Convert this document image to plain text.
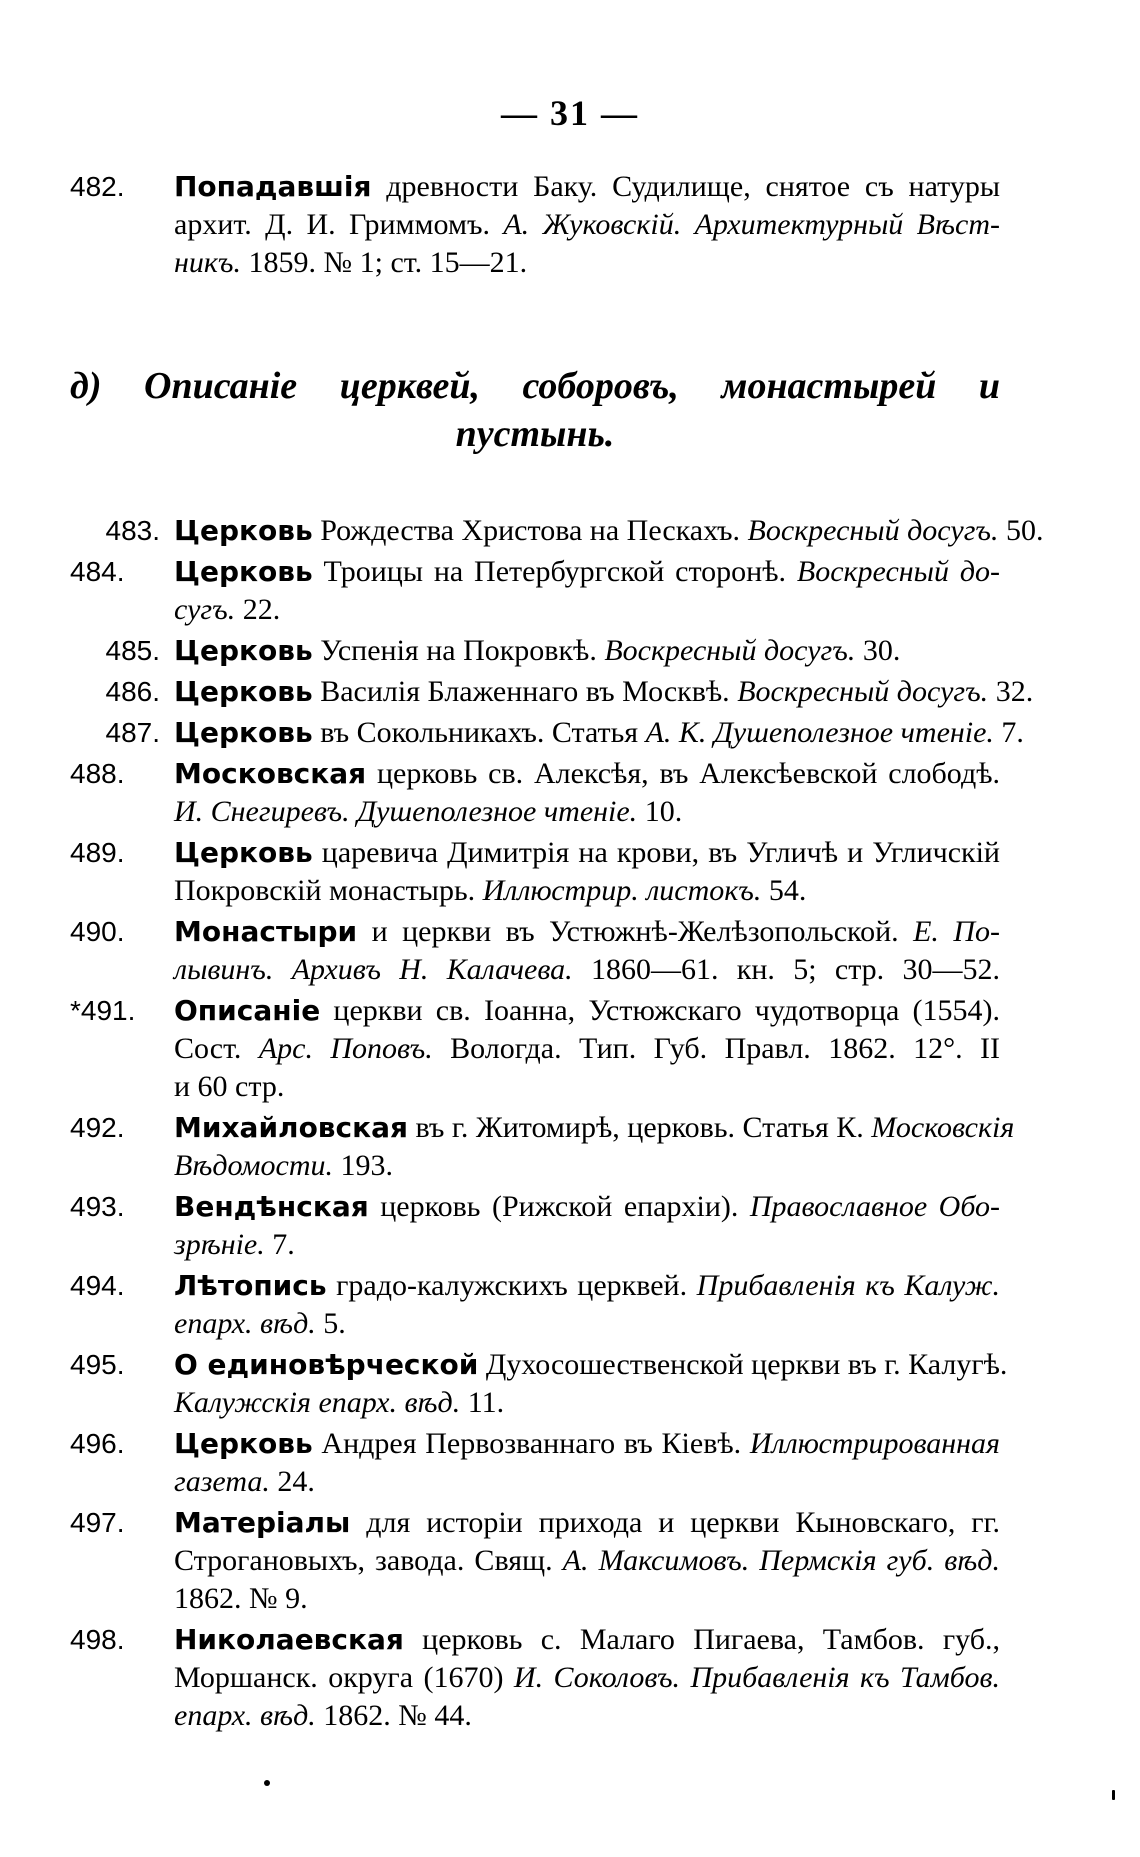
— 31 —
482. Попадавшія древности Баку. Судилище, снятое съ натуры
архит. Д. И. Гриммомъ. А. Жуковскій. Архитектурный Вѣст-
никъ. 1859. № 1; ст. 15—21.
д) Описаніе церквей, соборовъ, монастырей и
пустынь.
483. Церковь Рождества Христова на Пескахъ. Воскресный досугъ. 50.
484. Церковь Троицы на Петербургской сторонѣ. Воскресный до-
сугъ. 22.
485. Церковь Успенія на Покровкѣ. Воскресный досугъ. 30.
486. Церковь Василія Блаженнаго въ Москвѣ. Воскресный досугъ. 32.
487. Церковь въ Сокольникахъ. Статья А. К. Душеполезное чтеніе. 7.
488. Московская церковь св. Алексѣя, въ Алексѣевской слободѣ.
И. Снегиревъ. Душеполезное чтеніе. 10.
489. Церковь царевича Димитрія на крови, въ Угличѣ и Угличскій
Покровскій монастырь. Иллюстрир. листокъ. 54.
490. Монастыри и церкви въ Устюжнѣ-Желѣзопольской. Е. По-
лывинъ. Архивъ Н. Калачева. 1860—61. кн. 5; стр. 30—52.
*491. Описаніе церкви св. Іоанна, Устюжскаго чудотворца (1554).
Сост. Арс. Поповъ. Вологда. Тип. Губ. Правл. 1862. 12°. II
и 60 стр.
492. Михайловская въ г. Житомирѣ, церковь. Статья К. Московскія
Вѣдомости. 193.
493. Вендѣнская церковь (Рижской епархіи). Православное Обо-
зрѣніе. 7.
494. Лѣтопись градо-калужскихъ церквей. Прибавленія къ Калуж.
епарх. вѣд. 5.
495. О единовѣрческой Духосошественской церкви въ г. Калугѣ.
Калужскія епарх. вѣд. 11.
496. Церковь Андрея Первозваннаго въ Кіевѣ. Иллюстрированная
газета. 24.
497. Матеріалы для исторіи прихода и церкви Кыновскаго, гг.
Строгановыхъ, завода. Свящ. А. Максимовъ. Пермскія губ. вѣд.
1862. № 9.
498. Николаевская церковь с. Малаго Пигаева, Тамбов. губ.,
Моршанск. округа (1670) И. Соколовъ. Прибавленія къ Тамбов.
епарх. вѣд. 1862. № 44.
